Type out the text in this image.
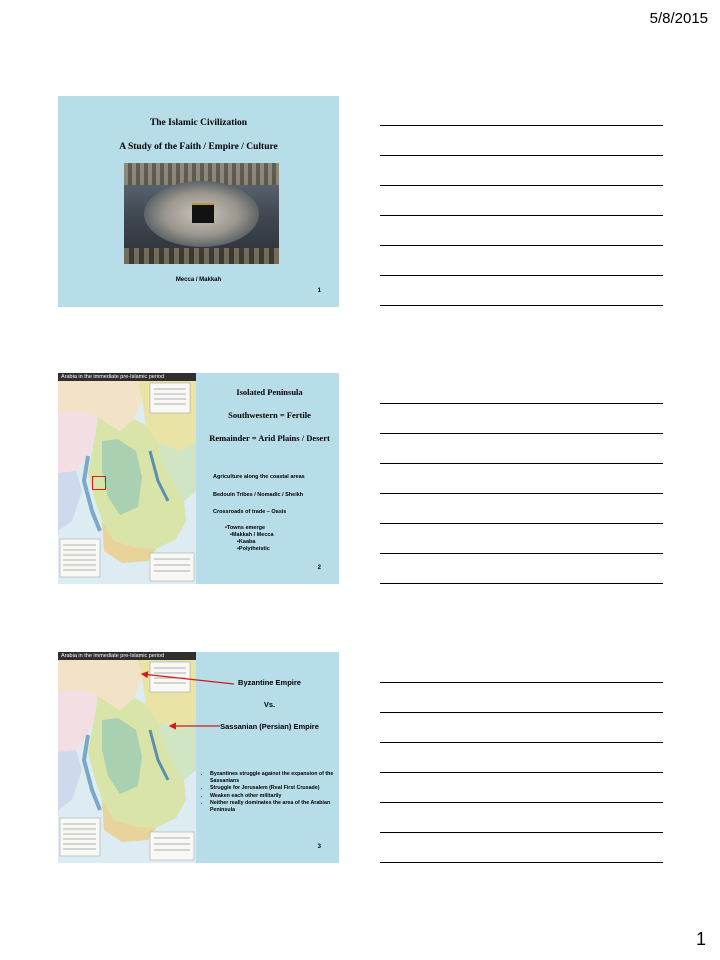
5/8/2015
The Islamic Civilization
A Study of the Faith / Empire / Culture
Mecca / Makkah
1
Arabia in the immediate pre-Islamic period
Isolated Peninsula
Southwestern = Fertile
Remainder = Arid Plains / Desert
Agriculture along the coastal areas
Bedouin Tribes / Nomadic / Sheikh
Crossroads of trade – Oasis
•Towns emerge
•Makkah / Mecca
•Kaaba
•Polytheistic
2
Arabia in the immediate pre-Islamic period
Byzantine Empire
Vs.
Sassanian (Persian) Empire
• Byzantines struggle against the expansion of the Sassanians
• Struggle for Jerusalem (Real First Crusade)
• Weaken each other militarily
• Neither really dominates the area of the Arabian Peninsula
3
1
